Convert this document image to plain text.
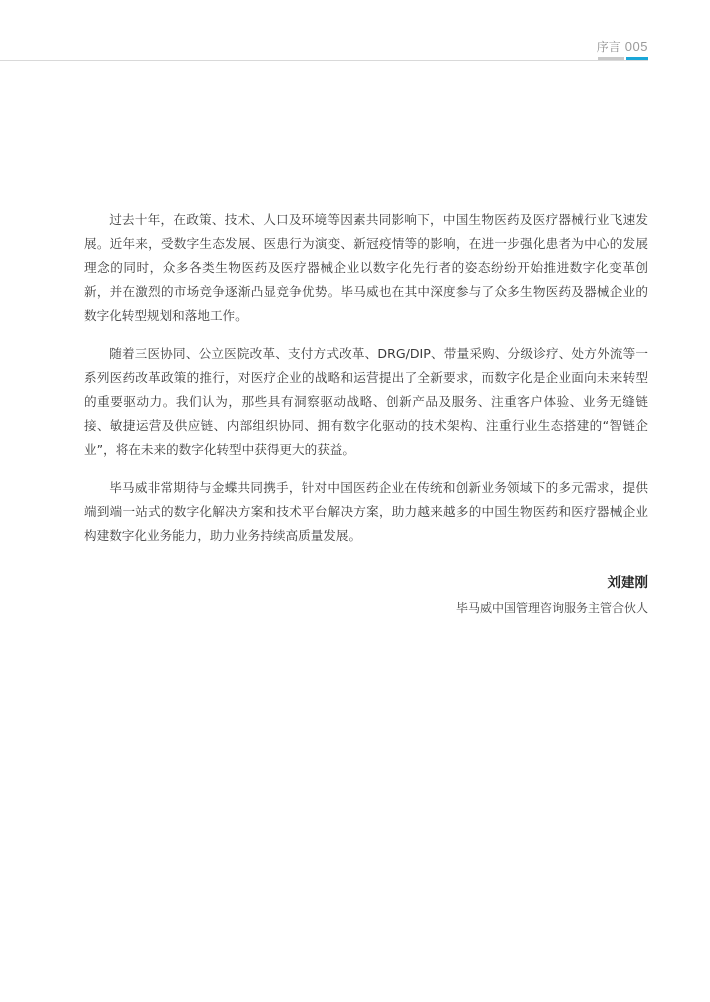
序言 005

过去十年，在政策、技术、人口及环境等因素共同影响下，中国生物医药及医疗器械行业飞速发展。近年来，受数字生态发展、医患行为演变、新冠疫情等的影响，在进一步强化患者为中心的发展理念的同时，众多各类生物医药及医疗器械企业以数字化先行者的姿态纷纷开始推进数字化变革创新，并在激烈的市场竞争逐渐凸显竞争优势。毕马威也在其中深度参与了众多生物医药及器械企业的数字化转型规划和落地工作。

随着三医协同、公立医院改革、支付方式改革、DRG/DIP、带量采购、分级诊疗、处方外流等一系列医药改革政策的推行，对医疗企业的战略和运营提出了全新要求，而数字化是企业面向未来转型的重要驱动力。我们认为，那些具有洞察驱动战略、创新产品及服务、注重客户体验、业务无缝链接、敏捷运营及供应链、内部组织协同、拥有数字化驱动的技术架构、注重行业生态搭建的“智链企业”，将在未来的数字化转型中获得更大的获益。

毕马威非常期待与金蝶共同携手，针对中国医药企业在传统和创新业务领域下的多元需求，提供端到端一站式的数字化解决方案和技术平台解决方案，助力越来越多的中国生物医药和医疗器械企业构建数字化业务能力，助力业务持续高质量发展。

刘建刚
毕马威中国管理咨询服务主管合伙人
